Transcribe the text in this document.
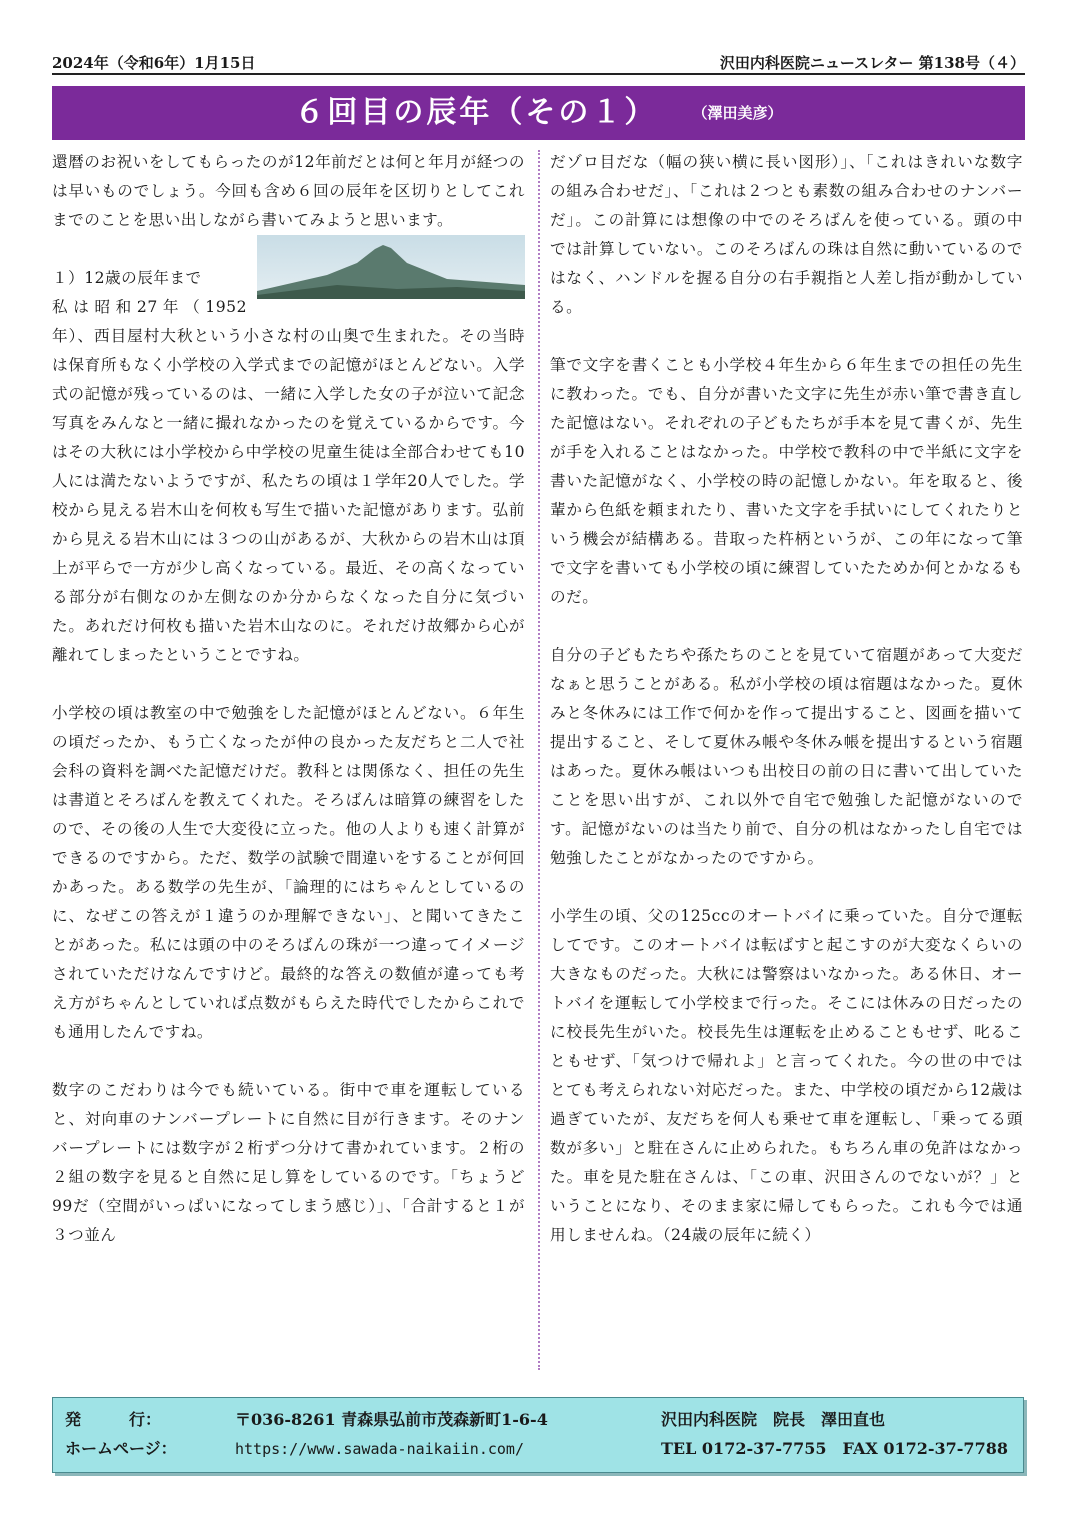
2024年（令和6年）1月15日	沢田内科医院ニュースレター 第138号（４）
６回目の辰年（その１） （澤田美彦）

還暦のお祝いをしてもらったのが12年前だとは何と年月が経つのは早いものでしょう。今回も含め６回の辰年を区切りとしてこれまでのことを思い出しながら書いてみようと思います。

１）12歳の辰年まで

私は昭和27年（1952年）、西目屋村大秋という小さな村の山奥で生まれた。その当時は保育所もなく小学校の入学式までの記憶がほとんどない。入学式の記憶が残っているのは、一緒に入学した女の子が泣いて記念写真をみんなと一緒に撮れなかったのを覚えているからです。今はその大秋には小学校から中学校の児童生徒は全部合わせても10人には満たないようですが、私たちの頃は１学年20人でした。学校から見える岩木山を何枚も写生で描いた記憶があります。弘前から見える岩木山には３つの山があるが、大秋からの岩木山は頂上が平らで一方が少し高くなっている。最近、その高くなっている部分が右側なのか左側なのか分からなくなった自分に気づいた。あれだけ何枚も描いた岩木山なのに。それだけ故郷から心が離れてしまったということですね。

小学校の頃は教室の中で勉強をした記憶がほとんどない。６年生の頃だったか、もう亡くなったが仲の良かった友だちと二人で社会科の資料を調べた記憶だけだ。教科とは関係なく、担任の先生は書道とそろばんを教えてくれた。そろばんは暗算の練習をしたので、その後の人生で大変役に立った。他の人よりも速く計算ができるのですから。ただ、数学の試験で間違いをすることが何回かあった。ある数学の先生が、「論理的にはちゃんとしているのに、なぜこの答えが１違うのか理解できない」、と聞いてきたことがあった。私には頭の中のそろばんの珠が一つ違ってイメージされていただけなんですけど。最終的な答えの数値が違っても考え方がちゃんとしていれば点数がもらえた時代でしたからこれでも通用したんですね。

数字のこだわりは今でも続いている。街中で車を運転していると、対向車のナンバープレートに自然に目が行きます。そのナンバープレートには数字が２桁ずつ分けて書かれています。２桁の２組の数字を見ると自然に足し算をしているのです。「ちょうど99だ（空間がいっぱいになってしまう感じ）」、「合計すると１が３つ並ん

だゾロ目だな（幅の狭い横に長い図形）」、「これはきれいな数字の組み合わせだ」、「これは２つとも素数の組み合わせのナンバーだ」。この計算には想像の中でのそろばんを使っている。頭の中では計算していない。このそろばんの珠は自然に動いているのではなく、ハンドルを握る自分の右手親指と人差し指が動かしている。

筆で文字を書くことも小学校４年生から６年生までの担任の先生に教わった。でも、自分が書いた文字に先生が赤い筆で書き直した記憶はない。それぞれの子どもたちが手本を見て書くが、先生が手を入れることはなかった。中学校で教科の中で半紙に文字を書いた記憶がなく、小学校の時の記憶しかない。年を取ると、後輩から色紙を頼まれたり、書いた文字を手拭いにしてくれたりという機会が結構ある。昔取った杵柄というが、この年になって筆で文字を書いても小学校の頃に練習していたためか何とかなるものだ。

自分の子どもたちや孫たちのことを見ていて宿題があって大変だなぁと思うことがある。私が小学校の頃は宿題はなかった。夏休みと冬休みには工作で何かを作って提出すること、図画を描いて提出すること、そして夏休み帳や冬休み帳を提出するという宿題はあった。夏休み帳はいつも出校日の前の日に書いて出していたことを思い出すが、これ以外で自宅で勉強した記憶がないのです。記憶がないのは当たり前で、自分の机はなかったし自宅では勉強したことがなかったのですから。

小学生の頃、父の125ccのオートバイに乗っていた。自分で運転してです。このオートバイは転ばすと起こすのが大変なくらいの大きなものだった。大秋には警察はいなかった。ある休日、オートバイを運転して小学校まで行った。そこには休みの日だったのに校長先生がいた。校長先生は運転を止めることもせず、叱ることもせず、「気つけで帰れよ」と言ってくれた。今の世の中ではとても考えられない対応だった。また、中学校の頃だから12歳は過ぎていたが、友だちを何人も乗せて車を運転し、「乗ってる頭数が多い」と駐在さんに止められた。もちろん車の免許はなかった。車を見た駐在さんは、「この車、沢田さんのでないが？」ということになり、そのまま家に帰してもらった。これも今では通用しませんね。（24歳の辰年に続く）

発　　　行：	〒036-8261 青森県弘前市茂森新町1-6-4	沢田内科医院　院長　澤田直也
ホームページ：	https://www.sawada-naikaiin.com/	TEL 0172-37-7755　FAX 0172-37-7788
